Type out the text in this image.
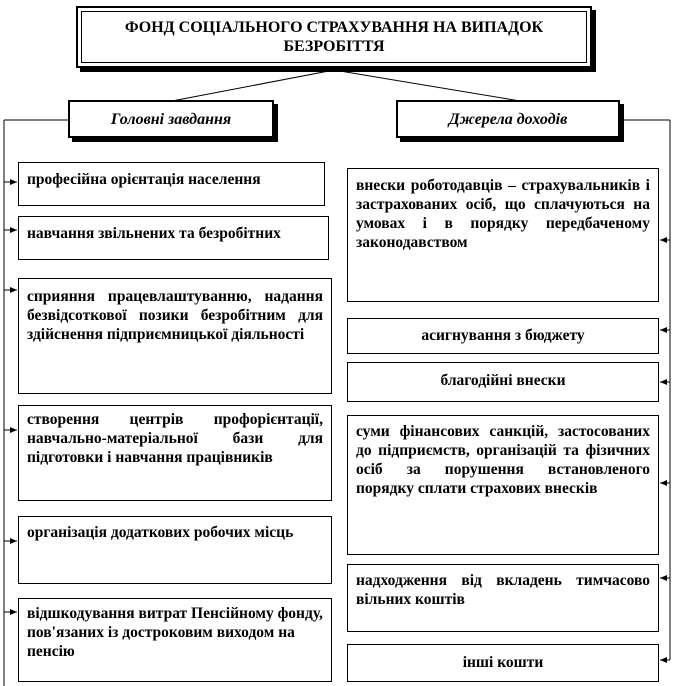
ФОНД СОЦІАЛЬНОГО СТРАХУВАННЯ НА ВИПАДОК БЕЗРОБІТТЯ
Головні завдання	Джерела доходів
професійна орієнтація населення
навчання звільнених та безробітних
сприяння працевлаштуванню, надання безвідсоткової позики безробітним для здійснення підприємницької діяльності
створення центрів профорієнтації, навчально-матеріальної бази для підготовки і навчання працівників
організація додаткових робочих місць
відшкодування витрат Пенсійному фонду, пов'язаних із достроковим виходом на пенсію
внески роботодавців – страхувальників і застрахованих осіб, що сплачуються на умовах і в порядку передбаченому законодавством
асигнування з бюджету
благодійні внески
суми фінансових санкцій, застосованих до підприємств, організацій та фізичних осіб за порушення встановленого порядку сплати страхових внесків
надходження від вкладень тимчасово вільних коштів
інші кошти
